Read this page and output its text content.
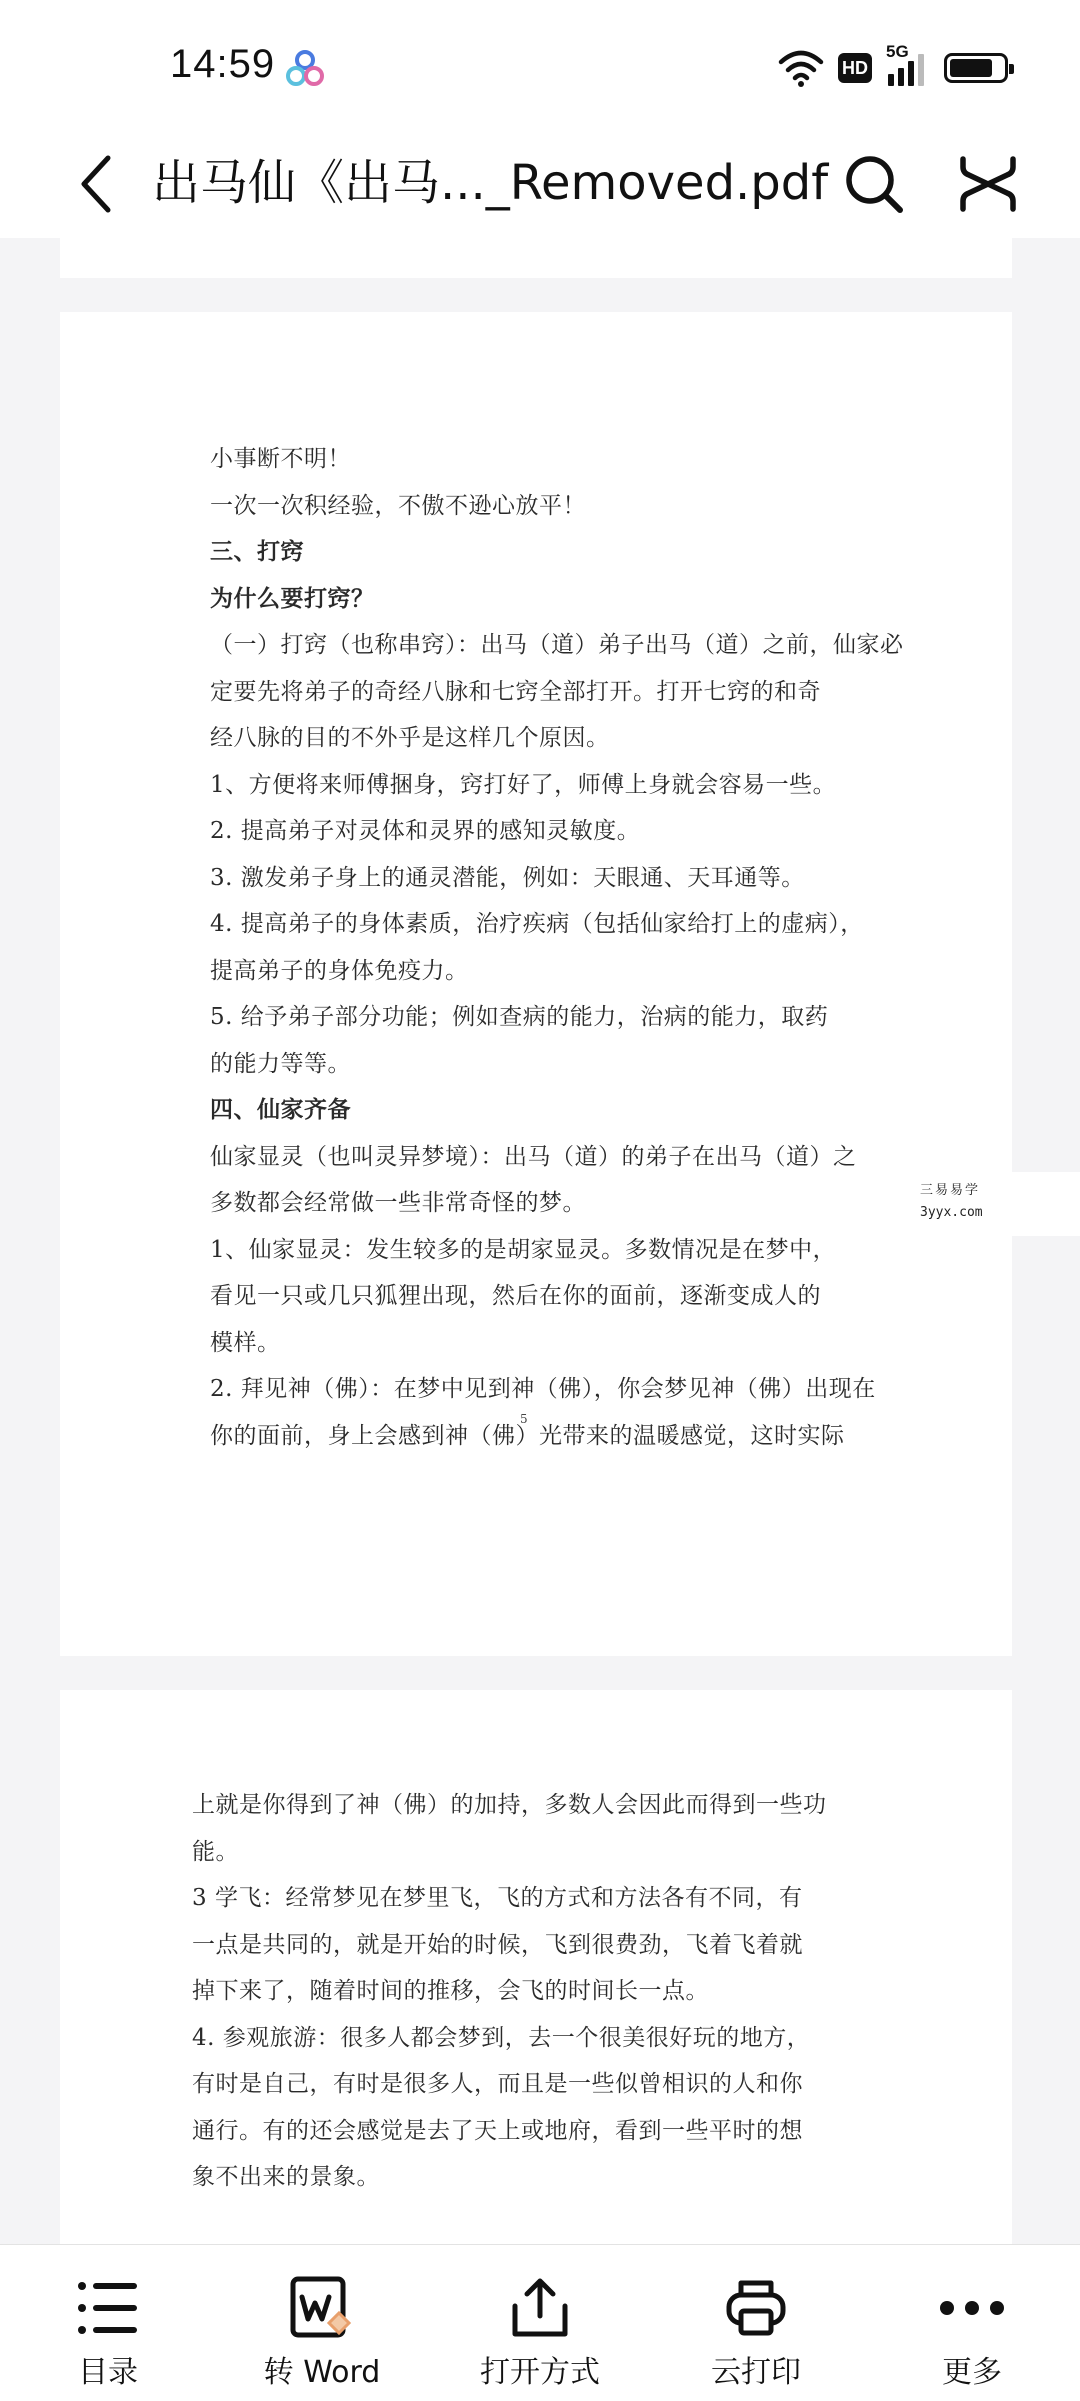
14:59	HD
5G
出马仙《出马..._Removed.pdf

小事断不明！

一次一次积经验，不傲不逊心放平！

三、打窍

为什么要打窍？

（一）打窍（也称串窍）：出马（道）弟子出马（道）之前，仙家必

定要先将弟子的奇经八脉和七窍全部打开。打开七窍的和奇

经八脉的目的不外乎是这样几个原因。

1、方便将来师傅捆身，窍打好了，师傅上身就会容易一些。

2. 提高弟子对灵体和灵界的感知灵敏度。

3. 激发弟子身上的通灵潜能，例如：天眼通、天耳通等。

4. 提高弟子的身体素质，治疗疾病（包括仙家给打上的虚病），

提高弟子的身体免疫力。

5. 给予弟子部分功能；例如查病的能力，治病的能力，取药

的能力等等。

四、仙家齐备

仙家显灵（也叫灵异梦境）：出马（道）的弟子在出马（道）之

多数都会经常做一些非常奇怪的梦。

1、仙家显灵：发生较多的是胡家显灵。多数情况是在梦中，

看见一只或几只狐狸出现，然后在你的面前，逐渐变成人的

模样。

2. 拜见神（佛）：在梦中见到神（佛），你会梦见神（佛）出现在

你的面前，身上会感到神（佛）光带来的温暖感觉，这时实际

5
三易易学
3yyx.com

上就是你得到了神（佛）的加持，多数人会因此而得到一些功

能。

3 学飞：经常梦见在梦里飞，飞的方式和方法各有不同，有

一点是共同的，就是开始的时候，飞到很费劲，飞着飞着就

掉下来了，随着时间的推移，会飞的时间长一点。

4. 参观旅游：很多人都会梦到，去一个很美很好玩的地方，

有时是自己，有时是很多人，而且是一些似曾相识的人和你

通行。有的还会感觉是去了天上或地府，看到一些平时的想

象不出来的景象。

目录	转 Word	打开方式	云打印	更多
